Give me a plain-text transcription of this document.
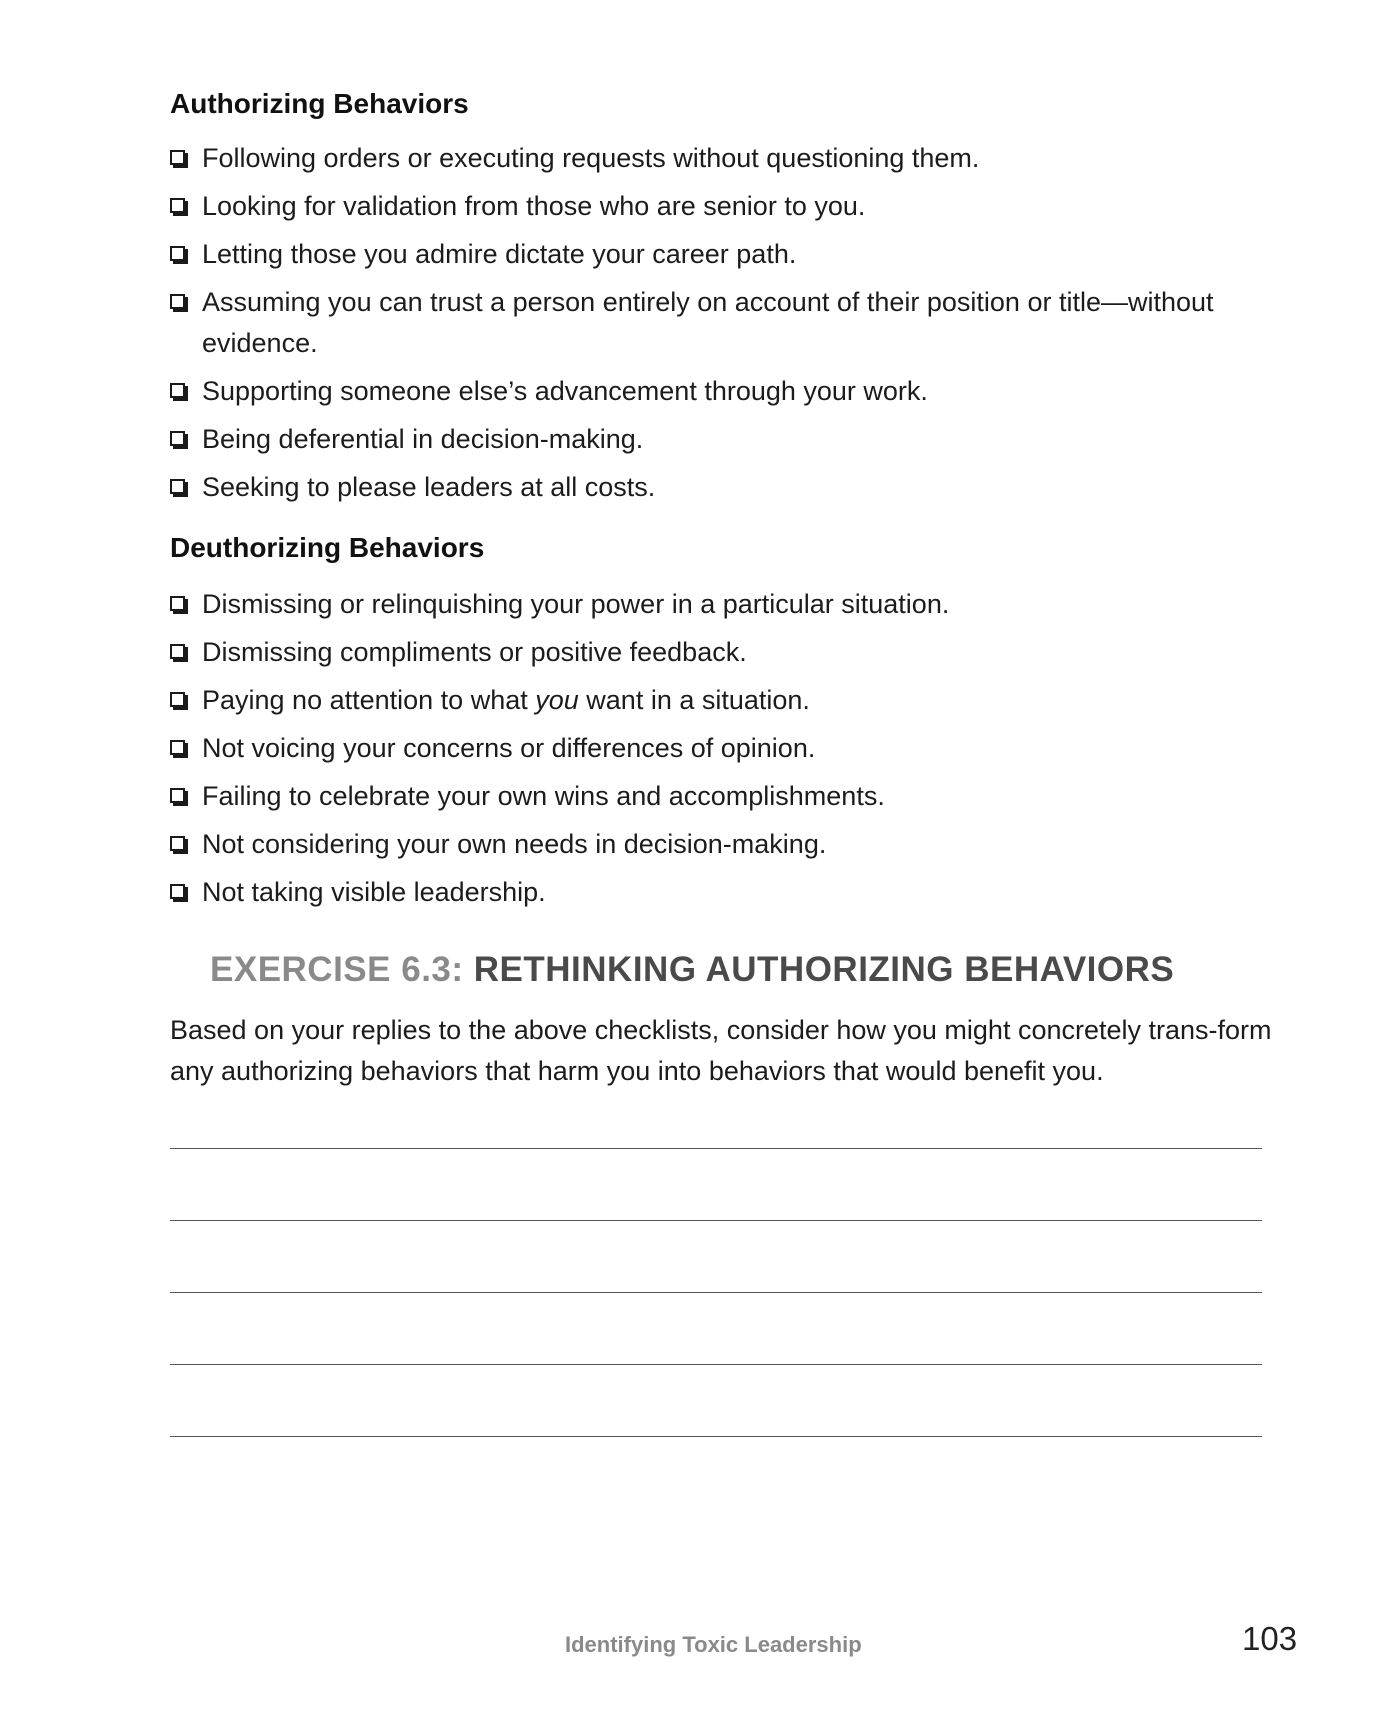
Authorizing Behaviors
Following orders or executing requests without questioning them.
Looking for validation from those who are senior to you.
Letting those you admire dictate your career path.
Assuming you can trust a person entirely on account of their position or title—without evidence.
Supporting someone else’s advancement through your work.
Being deferential in decision-making.
Seeking to please leaders at all costs.
Deuthorizing Behaviors
Dismissing or relinquishing your power in a particular situation.
Dismissing compliments or positive feedback.
Paying no attention to what you want in a situation.
Not voicing your concerns or differences of opinion.
Failing to celebrate your own wins and accomplishments.
Not considering your own needs in decision-making.
Not taking visible leadership.
EXERCISE 6.3: RETHINKING AUTHORIZING BEHAVIORS

Based on your replies to the above checklists, consider how you might concretely trans-form any authorizing behaviors that harm you into behaviors that would benefit you.

Identifying Toxic Leadership	103
